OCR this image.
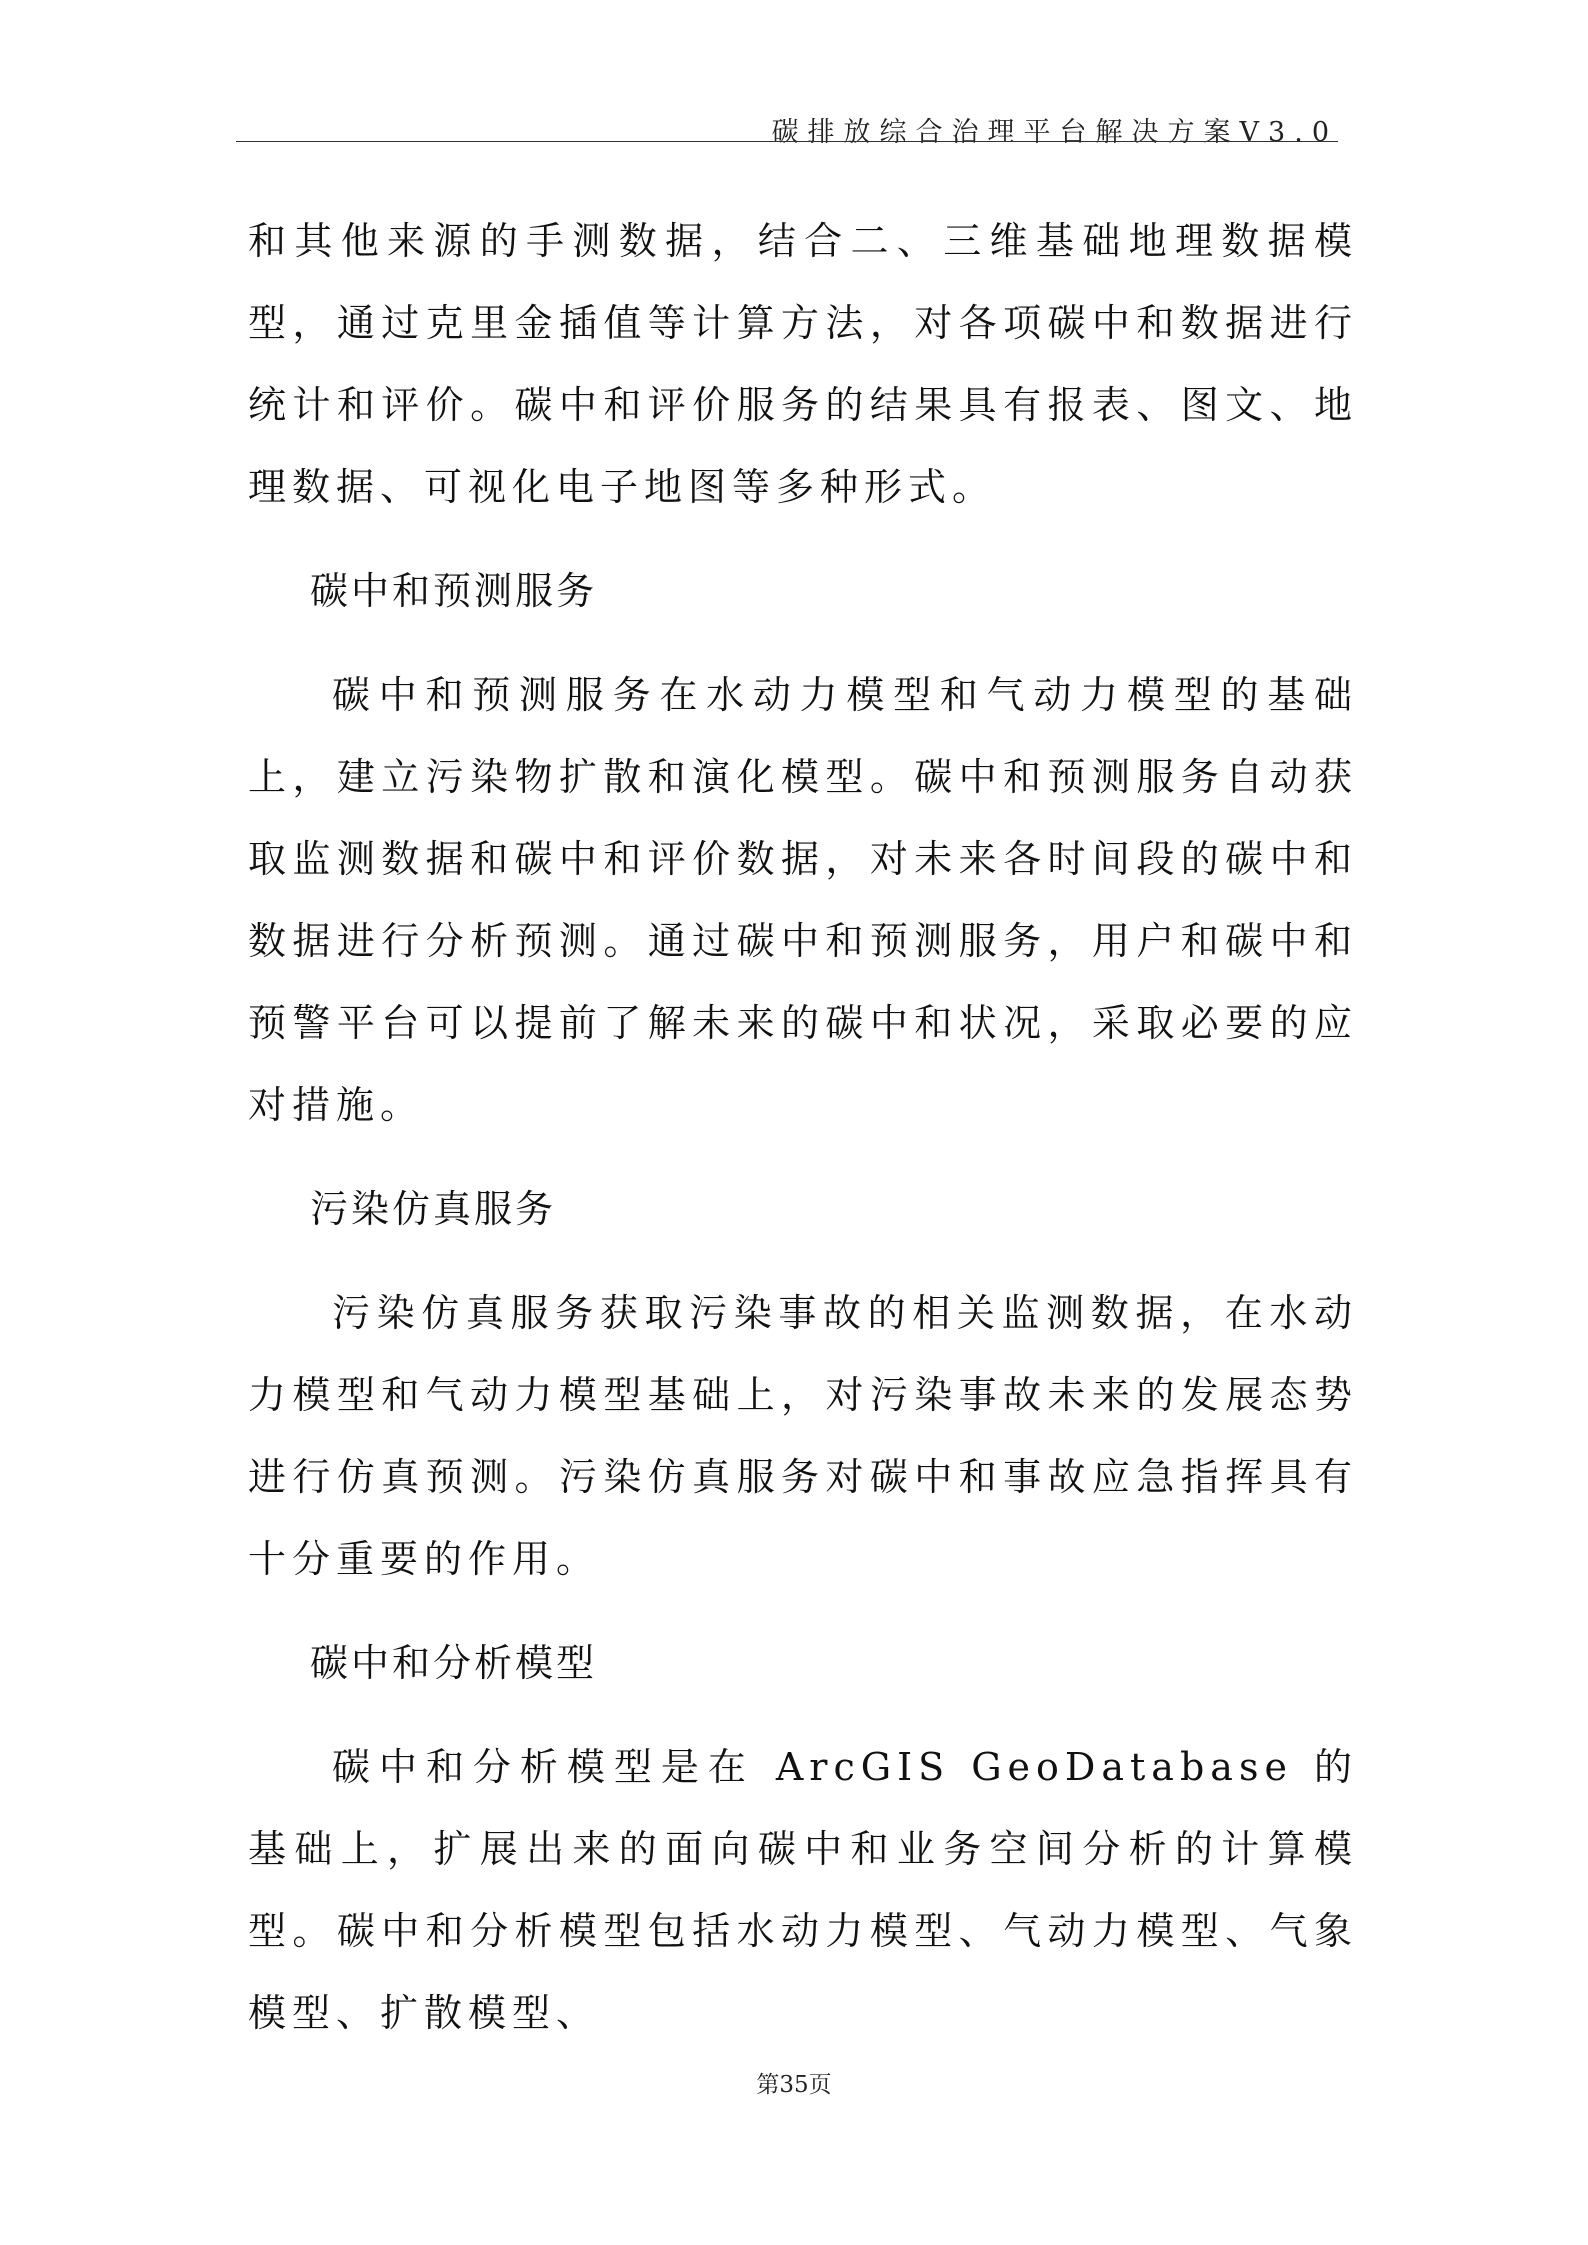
碳排放综合治理平台解决方案V3.0

和其他来源的手测数据，结合二、三维基础地理数据模型，通过克里金插值等计算方法，对各项碳中和数据进行统计和评价。碳中和评价服务的结果具有报表、图文、地理数据、可视化电子地图等多种形式。

碳中和预测服务

碳中和预测服务在水动力模型和气动力模型的基础上，建立污染物扩散和演化模型。碳中和预测服务自动获取监测数据和碳中和评价数据，对未来各时间段的碳中和数据进行分析预测。通过碳中和预测服务，用户和碳中和预警平台可以提前了解未来的碳中和状况，采取必要的应对措施。

污染仿真服务

污染仿真服务获取污染事故的相关监测数据，在水动力模型和气动力模型基础上，对污染事故未来的发展态势进行仿真预测。污染仿真服务对碳中和事故应急指挥具有十分重要的作用。

碳中和分析模型

碳中和分析模型是在 ArcGIS GeoDatabase 的基础上，扩展出来的面向碳中和业务空间分析的计算模型。碳中和分析模型包括水动力模型、气动力模型、气象模型、扩散模型、

第35页
